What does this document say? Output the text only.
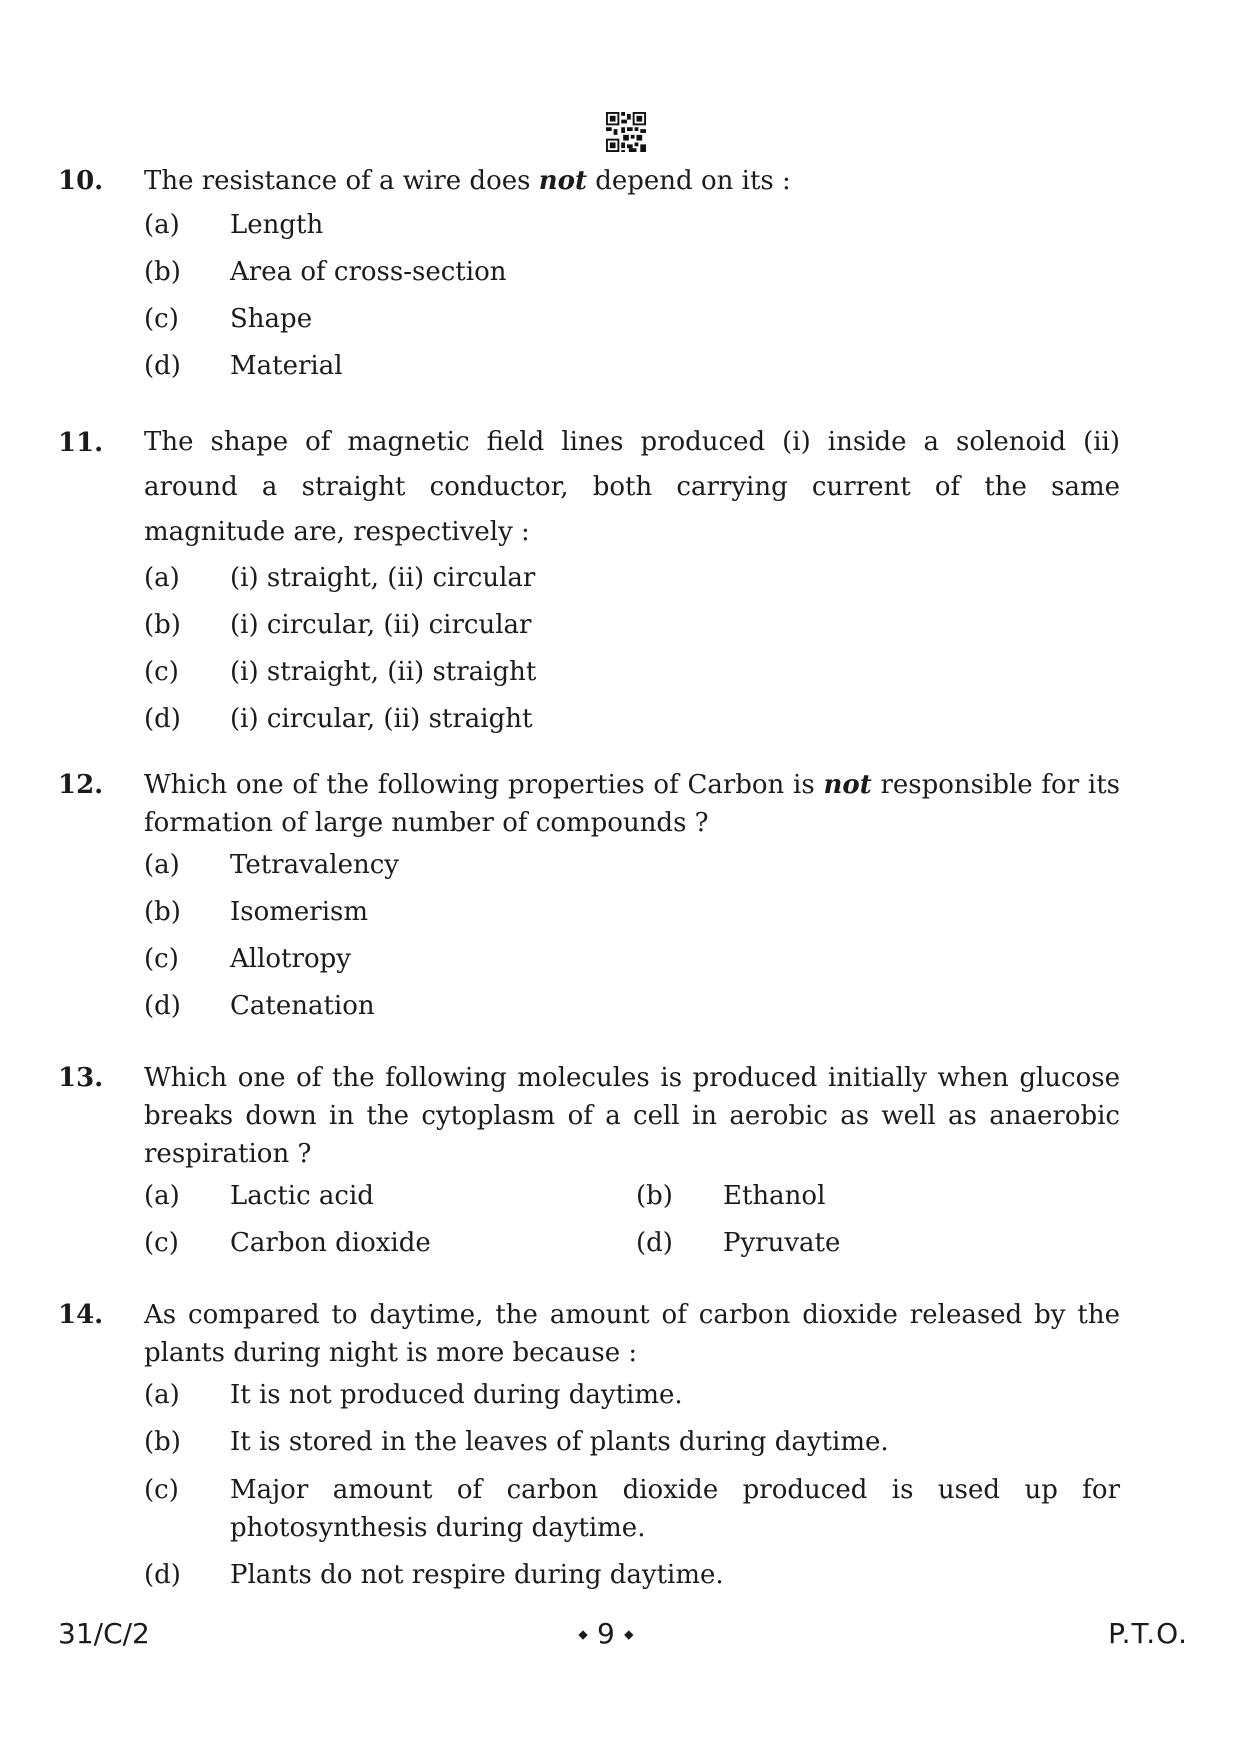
10. The resistance of a wire does not depend on its :
(a) Length
(b) Area of cross-section
(c) Shape
(d) Material
11. The shape of magnetic field lines produced (i) inside a solenoid (ii) around a straight conductor, both carrying current of the same magnitude are, respectively :
(a) (i) straight, (ii) circular
(b) (i) circular, (ii) circular
(c) (i) straight, (ii) straight
(d) (i) circular, (ii) straight
12. Which one of the following properties of Carbon is not responsible for its formation of large number of compounds ?
(a) Tetravalency
(b) Isomerism
(c) Allotropy
(d) Catenation
13. Which one of the following molecules is produced initially when glucose breaks down in the cytoplasm of a cell in aerobic as well as anaerobic respiration ?
(a) Lactic acid	(b) Ethanol
(c) Carbon dioxide	(d) Pyruvate
14. As compared to daytime, the amount of carbon dioxide released by the plants during night is more because :
(a) It is not produced during daytime.
(b) It is stored in the leaves of plants during daytime.
(c) Major amount of carbon dioxide produced is used up for photosynthesis during daytime.
(d) Plants do not respire during daytime.
31/C/2	⬩ 9 ⬩	P.T.O.
